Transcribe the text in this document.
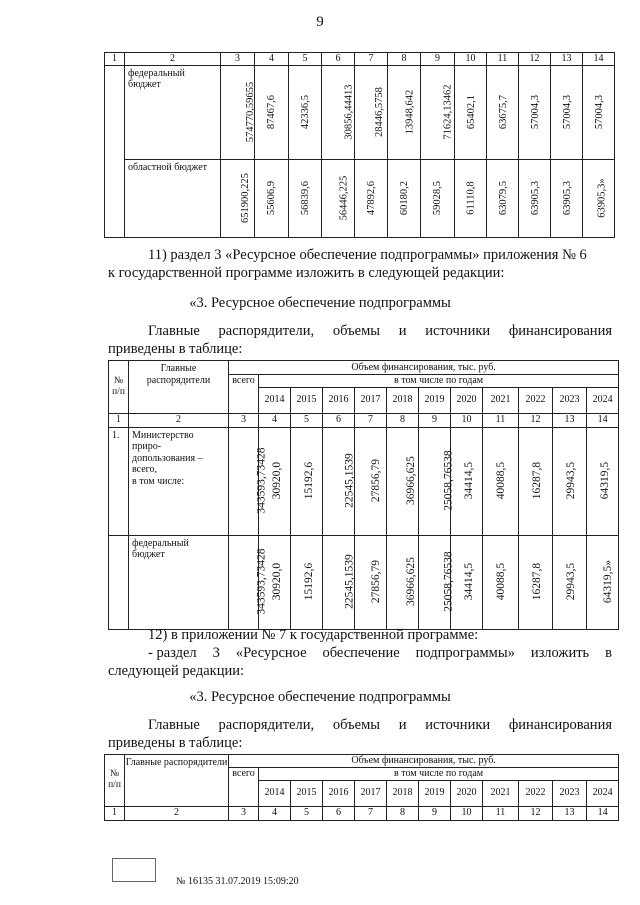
9
1	2	3	4	5	6	7	8	9	10	11	12	13	14
	федеральный бюджет	574770,59655	87467,6	42336,5	30856,44413	28446,5758	13948,642	71624,13462	65402,1	63675,7	57004,3	57004,3	57004,3
	областной бюджет	651900,225	55606,9	56839,6	56446,225	47892,6	60180,2	59028,5	61110,8	63079,5	63905,3	63905,3	63905,3»
11) раздел 3 «Ресурсное обеспечение подпрограммы» приложения № 6
к государственной программе изложить в следующей редакции:
«3. Ресурсное обеспечение подпрограммы
Главные распорядители, объемы и источники финансирования
приведены в таблице:
№ п/п	Главные распорядители	Объем финансирования, тыс. руб.											
		всего	в том числе по годам										
			2014	2015	2016	2017	2018	2019	2020	2021	2022	2023	2024
1	2	3	4	5	6	7	8	9	10	11	12	13	14
1.	Министерство приро-
допользования –
всего,
в том числе:	343593,73428	30920,0	15192,6	22545,1539	27856,79	36966,625	25058,76538	34414,5	40088,5	16287,8	29943,5	64319,5

	федеральный
бюджет	343593,73428	30920,0	15192,6	22545,1539	27856,79	36966,625	25058,76538	34414,5	40088,5	16287,8	29943,5	64319,5»
12) в приложении № 7 к государственной программе:
- раздел 3 «Ресурсное обеспечение подпрограммы» изложить в
следующей редакции:
«3. Ресурсное обеспечение подпрограммы
Главные распорядители, объемы и источники финансирования
приведены в таблице:
№ п/п	Главные распорядители	Объем финансирования, тыс. руб.											
		всего	в том числе по годам										
			2014	2015	2016	2017	2018	2019	2020	2021	2022	2023	2024
1	2	3	4	5	6	7	8	9	10	11	12	13	14
№ 16135 31.07.2019 15:09:20
